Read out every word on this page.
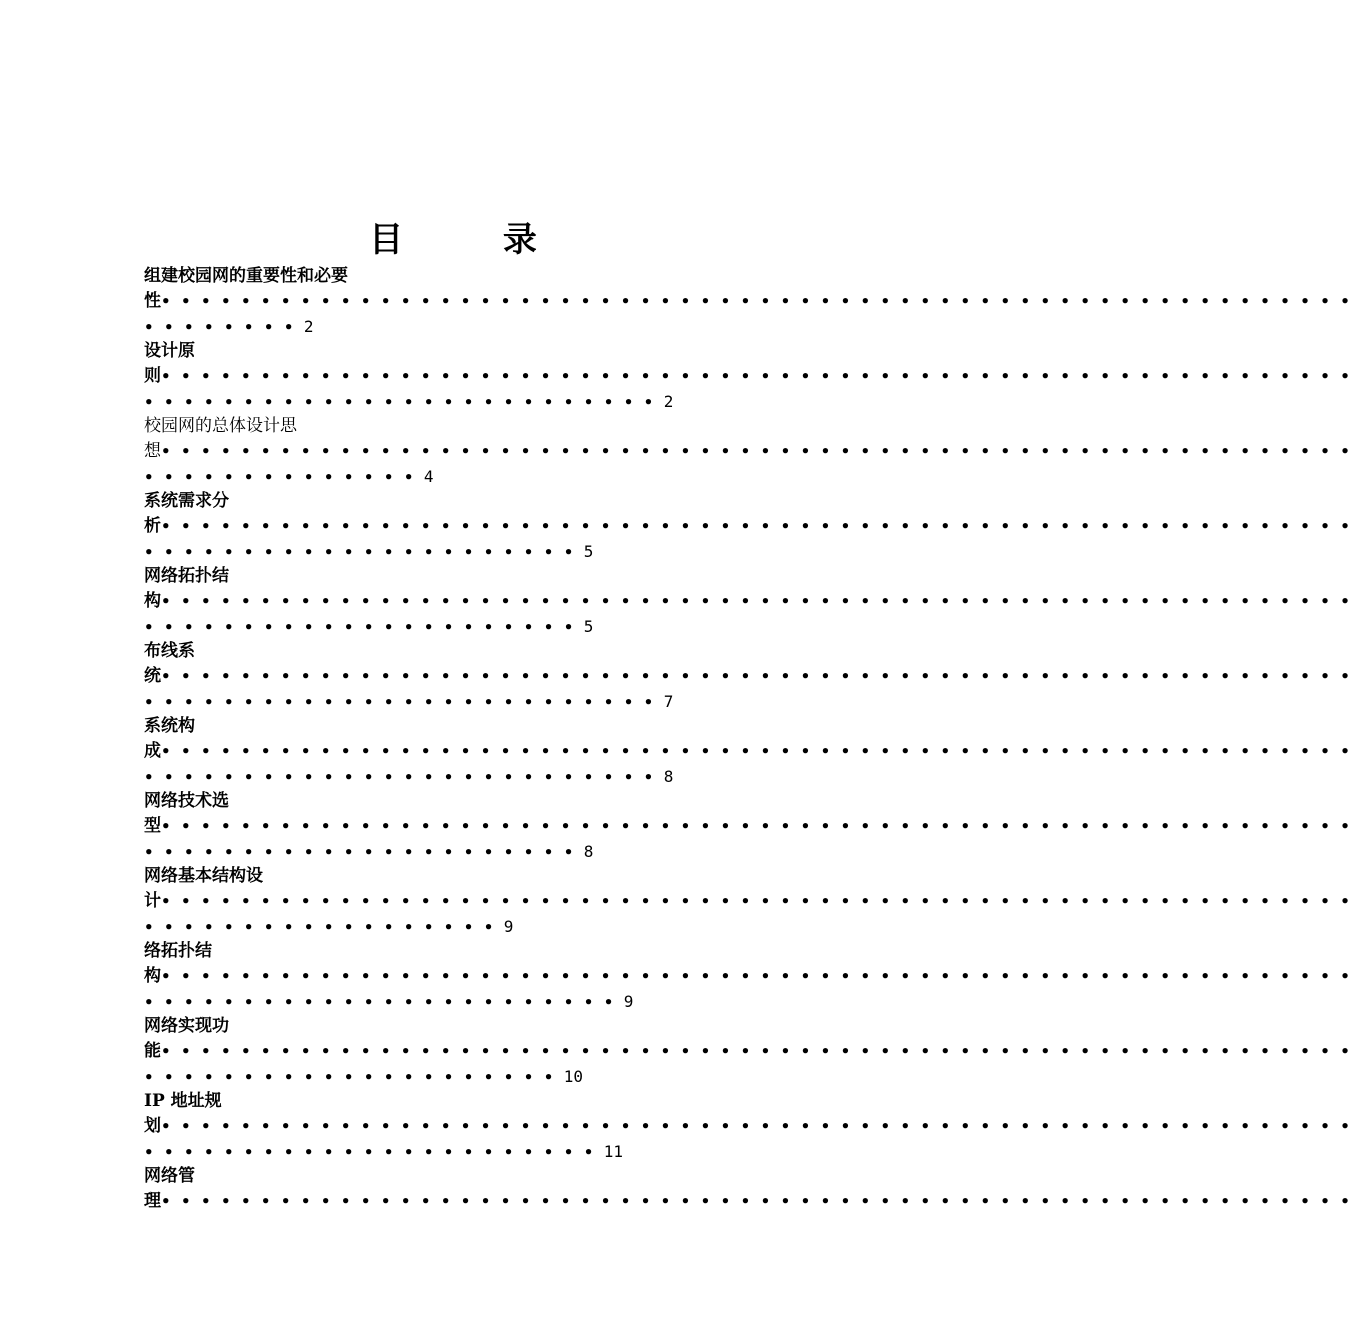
目 录
组建校园网的重要性和必要
性••••••••••••••••••••••••••••••••••••••••••••••••••••••••••••
••••••••2
设计原
则••••••••••••••••••••••••••••••••••••••••••••••••••••••••••••
••••••••••••••••••••••••••2
校园网的总体设计思
想••••••••••••••••••••••••••••••••••••••••••••••••••••••••••••
••••••••••••••4
系统需求分
析••••••••••••••••••••••••••••••••••••••••••••••••••••••••••••
••••••••••••••••••••••5
网络拓扑结
构••••••••••••••••••••••••••••••••••••••••••••••••••••••••••••
••••••••••••••••••••••5
布线系
统••••••••••••••••••••••••••••••••••••••••••••••••••••••••••••
••••••••••••••••••••••••••7
系统构
成••••••••••••••••••••••••••••••••••••••••••••••••••••••••••••
••••••••••••••••••••••••••8
网络技术选
型••••••••••••••••••••••••••••••••••••••••••••••••••••••••••••
••••••••••••••••••••••8
网络基本结构设
计••••••••••••••••••••••••••••••••••••••••••••••••••••••••••••
••••••••••••••••••9
络拓扑结
构••••••••••••••••••••••••••••••••••••••••••••••••••••••••••••
••••••••••••••••••••••••9
网络实现功
能••••••••••••••••••••••••••••••••••••••••••••••••••••••••••••
•••••••••••••••••••••10
IP 地址规
划••••••••••••••••••••••••••••••••••••••••••••••••••••••••••••
•••••••••••••••••••••••11
网络管
理••••••••••••••••••••••••••••••••••••••••••••••••••••••••••••
